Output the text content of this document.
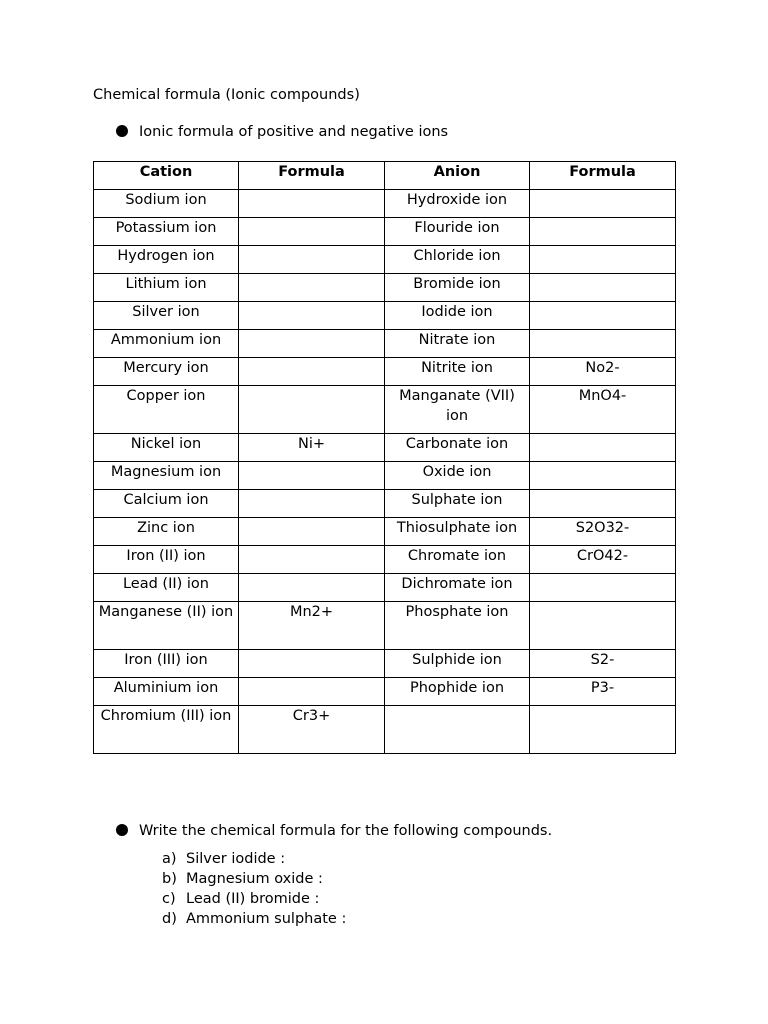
Chemical formula (Ionic compounds)
Ionic formula of positive and negative ions
Cation	Formula	Anion	Formula
Sodium ion		Hydroxide ion	
Potassium ion		Flouride ion	
Hydrogen ion		Chloride ion	
Lithium ion		Bromide ion	
Silver ion		Iodide ion	
Ammonium ion		Nitrate ion	
Mercury ion		Nitrite ion	No2-
Copper ion		Manganate (VII) ion	MnO4-
Nickel ion	Ni+	Carbonate ion	
Magnesium ion		Oxide ion	
Calcium ion		Sulphate ion	
Zinc ion		Thiosulphate ion	S2O32-
Iron (II) ion		Chromate ion	CrO42-
Lead (II) ion		Dichromate ion	
Manganese (II) ion	Mn2+	Phosphate ion	
Iron (III) ion		Sulphide ion	S2-
Aluminium ion		Phophide ion	P3-
Chromium (III) ion	Cr3+		
Write the chemical formula for the following compounds.
a) Silver iodide :
b) Magnesium oxide :
c) Lead (II) bromide :
d) Ammonium sulphate :
